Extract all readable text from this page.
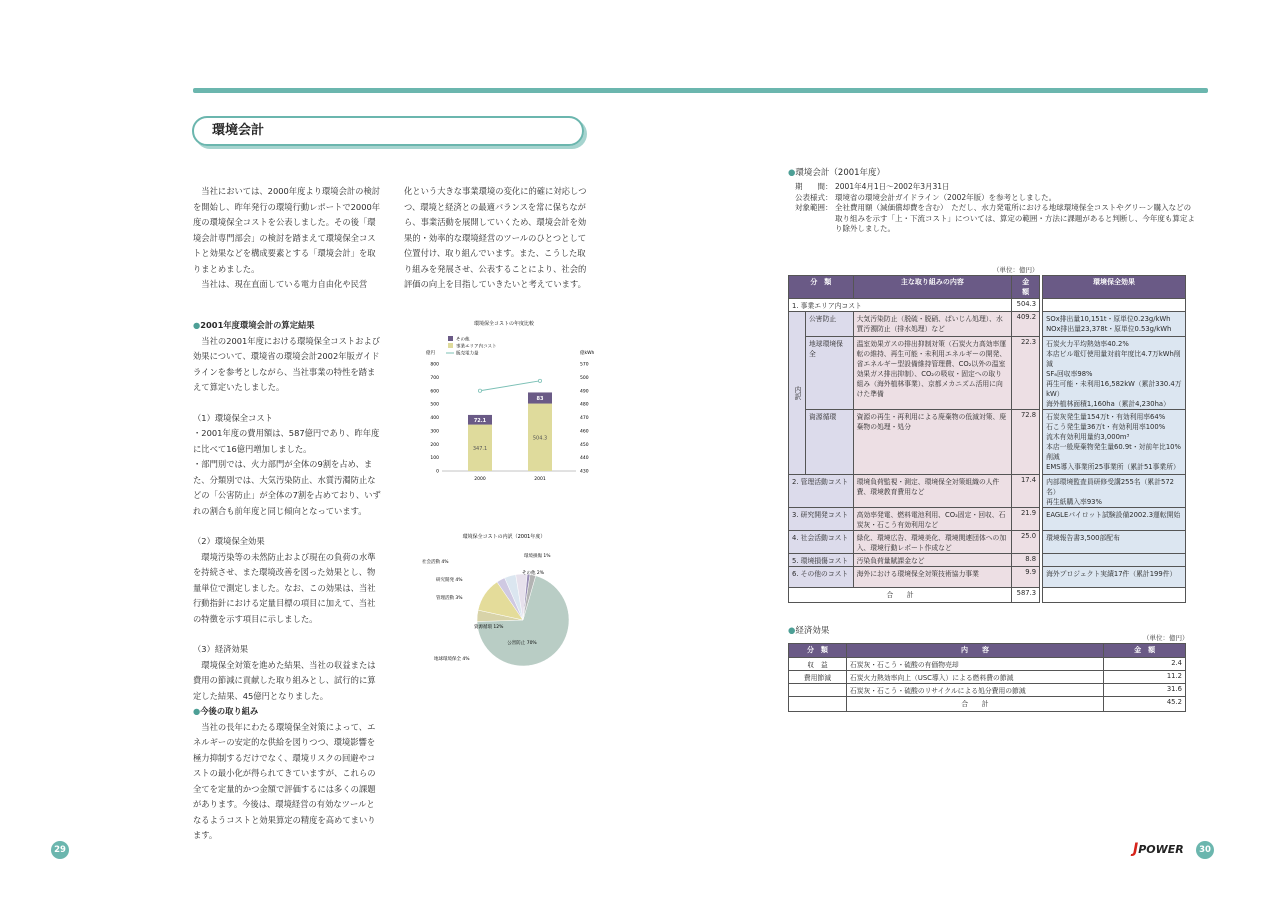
環境会計

当社においては、2000年度より環境会計の検討を開始し、昨年発行の環境行動レポートで2000年度の環境保全コストを公表しました。その後「環境会計専門部会」の検討を踏まえて環境保全コストと効果などを構成要素とする「環境会計」を取りまとめました。

当社は、現在直面している電力自由化や民営

化という大きな事業環境の変化に的確に対応しつつ、環境と経済との最適バランスを常に保ちながら、事業活動を展開していくため、環境会計を効果的・効率的な環境経営のツールのひとつとして位置付け、取り組んでいます。また、こうした取り組みを発展させ、公表することにより、社会的評価の向上を目指していきたいと考えています。

● 2001年度環境会計の算定結果

当社の2001年度における環境保全コストおよび効果について、環境省の環境会計2002年版ガイドラインを参考としながら、当社事業の特性を踏まえて算定いたしました。

（1）環境保全コスト

・2001年度の費用額は、587億円であり、昨年度に比べて16億円増加しました。

・部門別では、火力部門が全体の9割を占め、また、分類別では、大気汚染防止、水質汚濁防止などの「公害防止」が全体の7割を占めており、いずれの割合も前年度と同じ傾向となっています。

（2）環境保全効果

環境汚染等の未然防止および現在の負荷の水準を持続させ、また環境改善を図った効果とし、物量単位で測定しました。なお、この効果は、当社行動指針における定量目標の項目に加えて、当社の特徴を示す項目に示しました。

（3）経済効果

環境保全対策を進めた結果、当社の収益または費用の節減に貢献した取り組みとし、試行的に算定した結果、45億円となりました。

● 今後の取り組み

当社の長年にわたる環境保全対策によって、エネルギーの安定的な供給を図りつつ、環境影響を極力抑制するだけでなく、環境リスクの回避やコストの最小化が得られてきていますが、これらの全てを定量的かつ金額で評価するには多くの課題があります。今後は、環境経営の有効なツールとなるようコストと効果算定の精度を高めてまいります。

環境保全コストの年度比較
その他
事業エリア内コスト
販売電力量
億円	億kWh
0
100
200
300
400
500
600
700
800
430
440
450
460
470
480
490
500
570
347.1
72.1
2000
504.3
83
2001
環境保全コストの内訳（2001年度）
公害防止 70%
地球環境保全 4%
資源循環 12%
管理活動 3%
研究開発 4%
社会活動 4%
環境損傷 1%
その他 2%
● 環境会計（2001年度）
期　　間： 2001年4月1日～2002年3月31日
公表様式： 環境省の環境会計ガイドライン（2002年版）を参考としました。
対象範囲： 全社費用額（減価償却費を含む）　ただし、水力発電所における地球環境保全コストやグリーン購入などの取り組みを示す「上・下流コスト」については、算定の範囲・方法に課題があると判断し、今年度も算定より除外しました。
（単位：億円）
分　類		主な取り組みの内容	金　額		環境保全効果
1. 事業エリア内コスト			504.3		
内訳	公害防止	大気汚染防止（脱硫・脱硝、ばいじん処理）、水質汚濁防止（排水処理）など	409.2		SOx排出量10,151t・原単位0.23g/kWh
NOx排出量23,378t・原単位0.53g/kWh

	地球環境保全	温室効果ガスの排出抑制対策（石炭火力高効率運転の維持、再生可能・未利用エネルギーの開発、省エネルギー型設備維持管理費、CO₂以外の温室効果ガス排出抑制）、CO₂の吸収・固定への取り組み（海外植林事業）、京都メカニズム活用に向けた準備	22.3		石炭火力平均熱効率40.2%
本店ビル電灯使用量対前年度比4.7万kWh削減
SF₆回収率98%
再生可能・未利用16,582kW（累計330.4万kW）
海外植林面積1,160ha（累計4,230ha）

	資源循環	資源の再生・再利用による廃棄物の低減対策、廃棄物の処理・処分	72.8		石炭灰発生量154万t・有効利用率64%
石こう発生量36万t・有効利用率100%
流木有効利用量約3,000m³
本店一般廃棄物発生量60.9t・対前年比10%削減
EMS導入事業所25事業所（累計51事業所）

2. 管理活動コスト		環境負荷監視・測定、環境保全対策組織の人件費、環境教育費用など	17.4		内部環境監査員研修受講255名（累計572名）
再生紙購入率93%

3. 研究開発コスト		高効率発電、燃料電池利用、CO₂固定・回収、石炭灰・石こう有効利用など	21.9		EAGLEパイロット試験設備2002.3運転開始
4. 社会活動コスト		緑化、環境広告、環境美化、環境関連団体への加入、環境行動レポート作成など	25.0		環境報告書3,500部配布
5. 環境損傷コスト		汚染負荷量賦課金など	8.8		
6. その他のコスト		海外における環境保全対策技術協力事業	9.9		海外プロジェクト実績17件（累計199件）
合　　計			587.3		
● 経済効果
（単位：億円）
分　類	内　　容	金　額
収　益	石炭灰・石こう・硫酸の有価物売却	2.4
費用節減	石炭火力熱効率向上（USC導入）による燃料費の節減	11.2
	石炭灰・石こう・硫酸のリサイクルによる処分費用の節減	31.6
	合　　計	45.2
29	JPOWER	30
